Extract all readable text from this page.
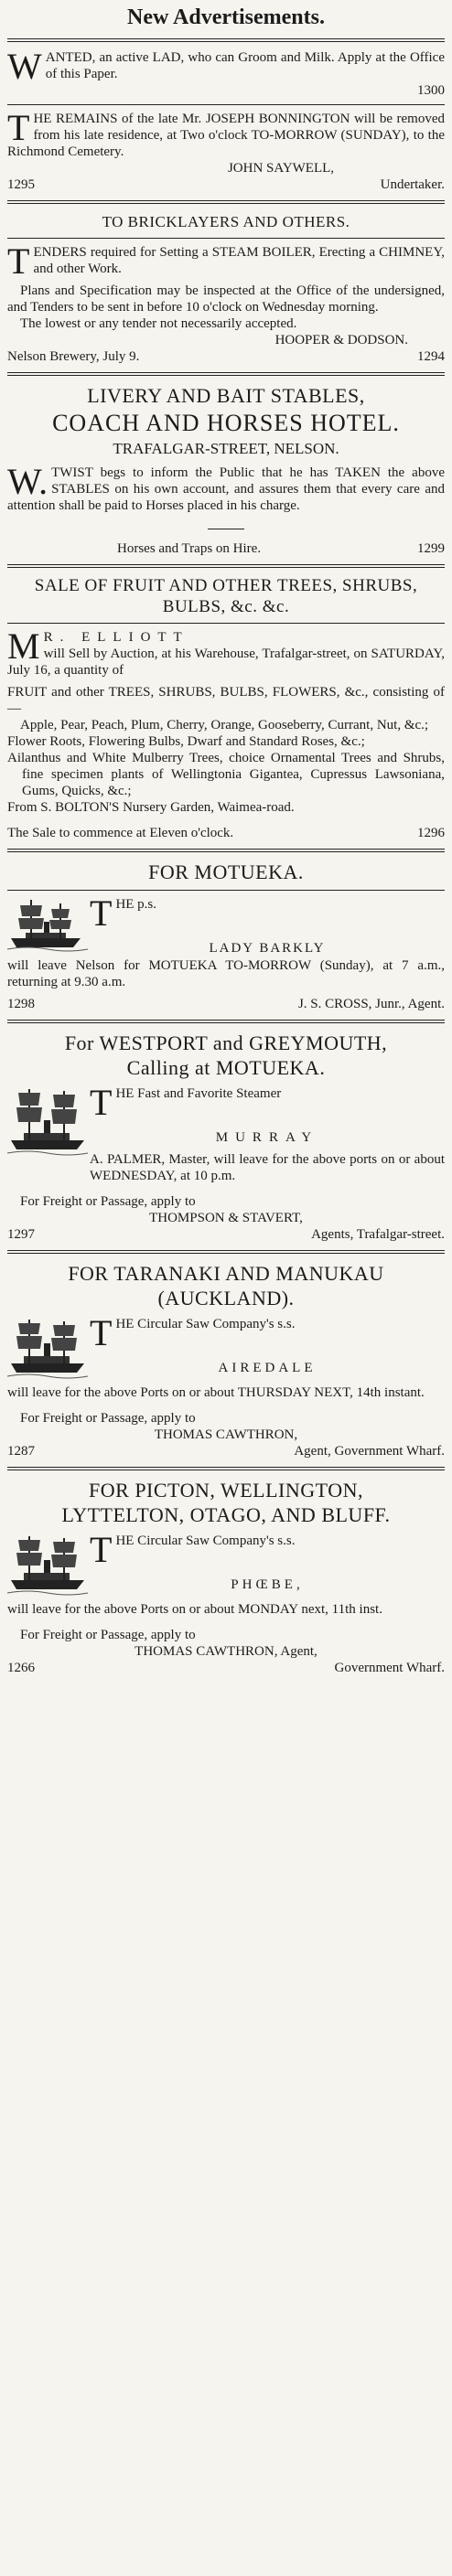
New Advertisements.
W ANTED, an active LAD, who can Groom and Milk. Apply at the Office of this Paper.
1300
T HE REMAINS of the late Mr. JOSEPH BONNINGTON will be removed from his late residence, at Two o'clock TO-MORROW (SUNDAY), to the Richmond Cemetery.
JOHN SAYWELL,
1295	Undertaker.
TO BRICKLAYERS AND OTHERS.
T ENDERS required for Setting a STEAM BOILER, Erecting a CHIMNEY, and other Work.
Plans and Specification may be inspected at the Office of the undersigned, and Tenders to be sent in before 10 o'clock on Wednesday morning.
The lowest or any tender not necessarily accepted.
HOOPER & DODSON.
Nelson Brewery, July 9.	1294
LIVERY AND BAIT STABLES,
COACH AND HORSES HOTEL.
TRAFALGAR-STREET, NELSON.
W. TWIST begs to inform the Public that he has TAKEN the above STABLES on his own account, and assures them that every care and attention shall be paid to Horses placed in his charge.
Horses and Traps on Hire.	1299
SALE OF FRUIT AND OTHER TREES, SHRUBS, BULBS, &c. &c.
M R. ELLIOTT
will Sell by Auction, at his Warehouse, Trafalgar-street, on SATURDAY, July 16, a quantity of
FRUIT and other TREES, SHRUBS, BULBS, FLOWERS, &c., consisting of—
Apple, Pear, Peach, Plum, Cherry, Orange, Gooseberry, Currant, Nut, &c.;
Flower Roots, Flowering Bulbs, Dwarf and Standard Roses, &c.;
Ailanthus and White Mulberry Trees, choice Ornamental Trees and Shrubs, fine specimen plants of Wellingtonia Gigantea, Cupressus Lawsoniana, Gums, Quicks, &c.;
From S. BOLTON'S Nursery Garden, Waimea-road.
The Sale to commence at Eleven o'clock.	1296
FOR MOTUEKA.
T HE p.s.
LADY BARKLY
will leave Nelson for MOTUEKA TO-MORROW (Sunday), at 7 a.m., returning at 9.30 a.m.
1298	J. S. CROSS, Junr., Agent.
For WESTPORT and GREYMOUTH,
Calling at MOTUEKA.
T HE Fast and Favorite Steamer
MURRAY
A. PALMER, Master, will leave for the above ports on or about WEDNESDAY, at 10 p.m.
For Freight or Passage, apply to
THOMPSON & STAVERT,
1297	Agents, Trafalgar-street.
FOR TARANAKI AND MANUKAU
(AUCKLAND).
T HE Circular Saw Company's s.s.
AIREDALE
will leave for the above Ports on or about THURSDAY NEXT, 14th instant.
For Freight or Passage, apply to
THOMAS CAWTHRON,
1287	Agent, Government Wharf.
FOR PICTON, WELLINGTON,
LYTTELTON, OTAGO, AND BLUFF.
T HE Circular Saw Company's s.s.
PHŒBE,
will leave for the above Ports on or about MONDAY next, 11th inst.
For Freight or Passage, apply to
THOMAS CAWTHRON, Agent,
1266	Government Wharf.
